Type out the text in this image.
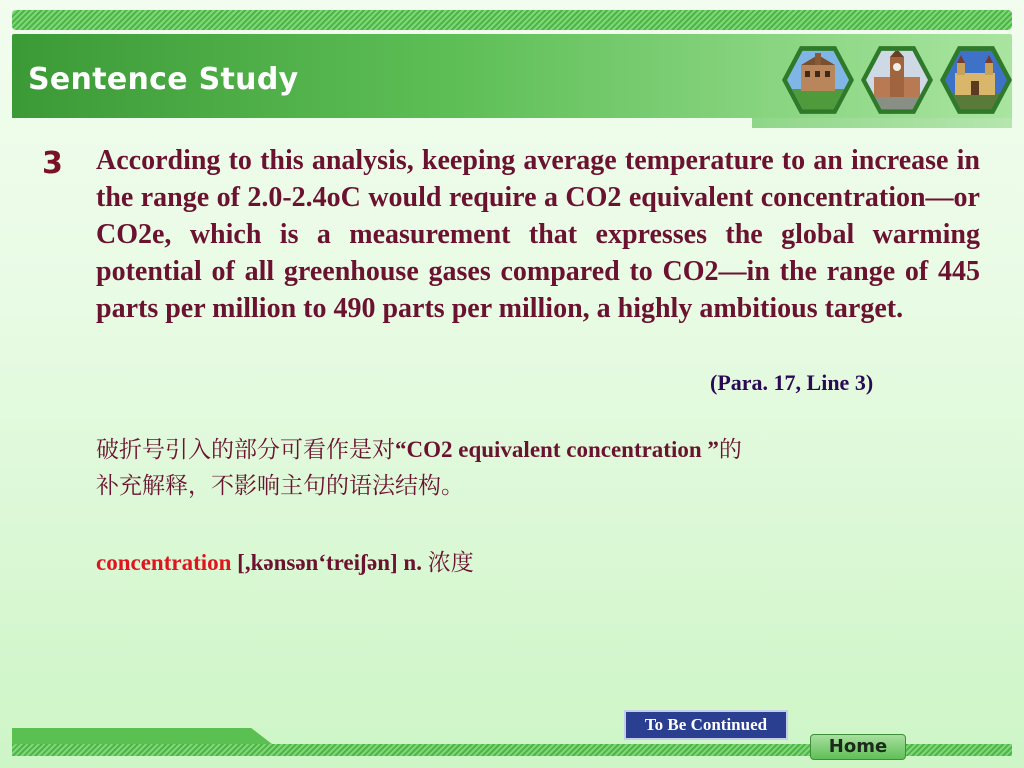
Sentence Study
3 According to this analysis, keeping average temperature to an increase in the range of 2.0-2.4oC would require a CO2 equivalent concentration—or CO2e, which is a measurement that expresses the global warming potential of all greenhouse gases compared to CO2—in the range of 445 parts per million to 490 parts per million, a highly ambitious target.
(Para. 17, Line 3)
破折号引入的部分可看作是对“CO2 equivalent concentration ”的
补充解释，不影响主句的语法结构。
concentration [,kənsən‘treiʃən] n. 浓度
To Be Continued
Home
